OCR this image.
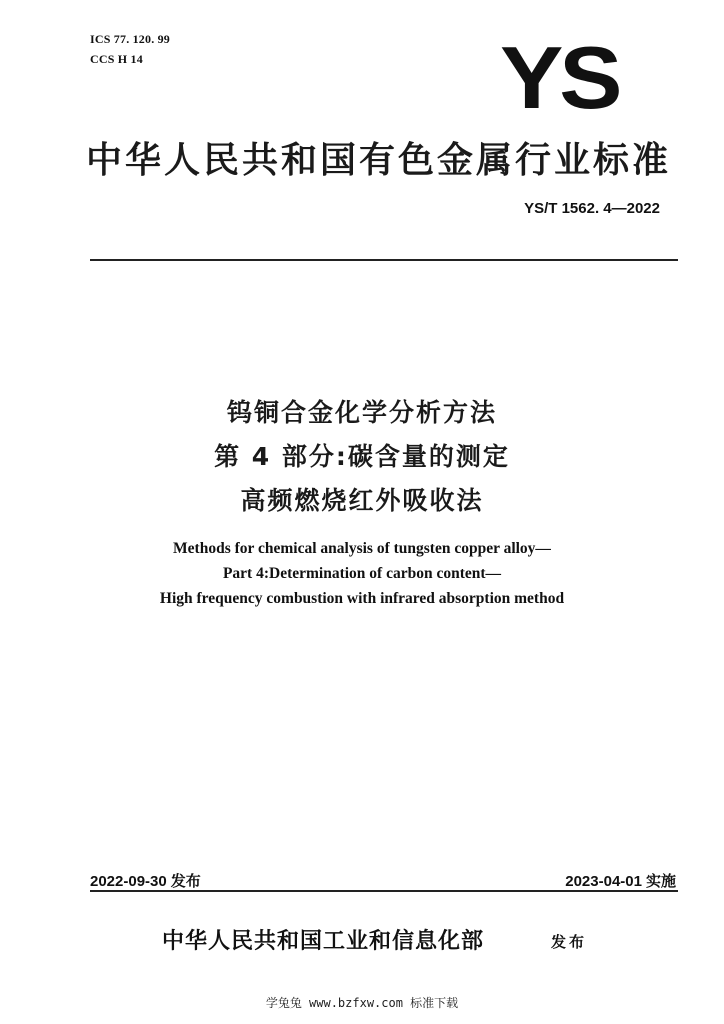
ICS 77. 120. 99
CCS H 14	YS
中华人民共和国有色金属行业标准
YS/T 1562. 4—2022
钨铜合金化学分析方法
第 4 部分:碳含量的测定
高频燃烧红外吸收法
Methods for chemical analysis of tungsten copper alloy—
Part 4:Determination of carbon content—
High frequency combustion with infrared absorption method
2022-09-30 发布	2023-04-01 实施
中华人民共和国工业和信息化部	发布
学兔兔 www.bzfxw.com 标准下载
